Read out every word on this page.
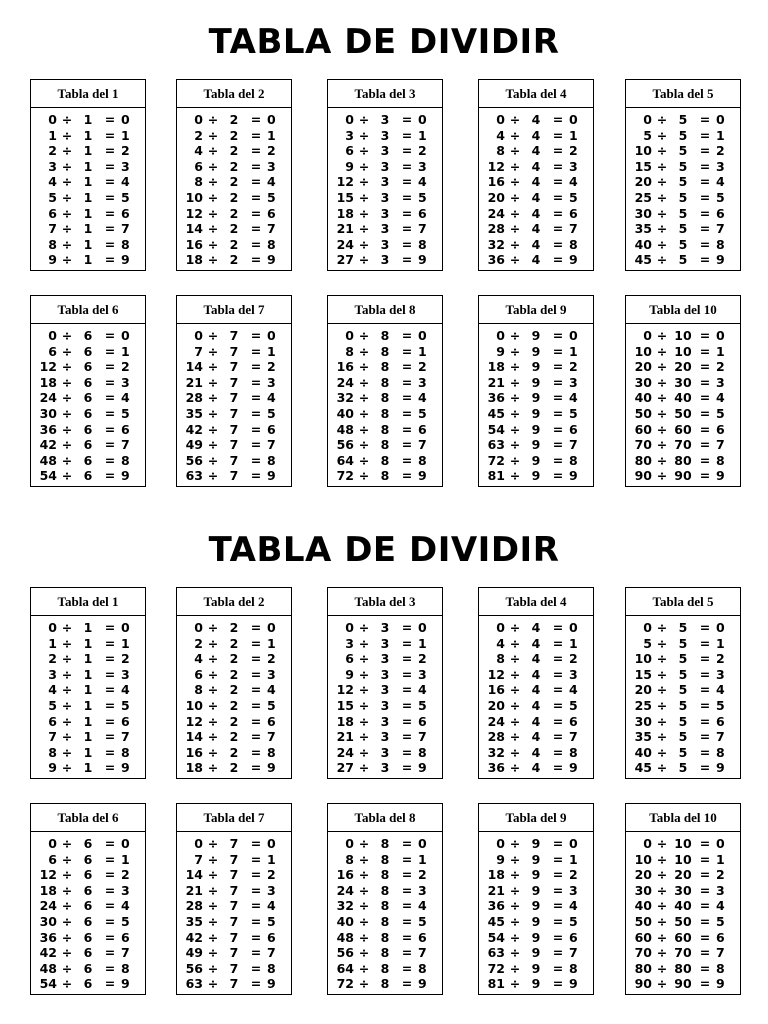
TABLA DE DIVIDIR
Tabla del 1
0 ÷ 1 = 0
1 ÷ 1 = 1
2 ÷ 1 = 2
3 ÷ 1 = 3
4 ÷ 1 = 4
5 ÷ 1 = 5
6 ÷ 1 = 6
7 ÷ 1 = 7
8 ÷ 1 = 8
9 ÷ 1 = 9
Tabla del 2
0 ÷ 2 = 0
2 ÷ 2 = 1
4 ÷ 2 = 2
6 ÷ 2 = 3
8 ÷ 2 = 4
10 ÷ 2 = 5
12 ÷ 2 = 6
14 ÷ 2 = 7
16 ÷ 2 = 8
18 ÷ 2 = 9
Tabla del 3
0 ÷ 3 = 0
3 ÷ 3 = 1
6 ÷ 3 = 2
9 ÷ 3 = 3
12 ÷ 3 = 4
15 ÷ 3 = 5
18 ÷ 3 = 6
21 ÷ 3 = 7
24 ÷ 3 = 8
27 ÷ 3 = 9
Tabla del 4
0 ÷ 4 = 0
4 ÷ 4 = 1
8 ÷ 4 = 2
12 ÷ 4 = 3
16 ÷ 4 = 4
20 ÷ 4 = 5
24 ÷ 4 = 6
28 ÷ 4 = 7
32 ÷ 4 = 8
36 ÷ 4 = 9
Tabla del 5
0 ÷ 5 = 0
5 ÷ 5 = 1
10 ÷ 5 = 2
15 ÷ 5 = 3
20 ÷ 5 = 4
25 ÷ 5 = 5
30 ÷ 5 = 6
35 ÷ 5 = 7
40 ÷ 5 = 8
45 ÷ 5 = 9
Tabla del 6
0 ÷ 6 = 0
6 ÷ 6 = 1
12 ÷ 6 = 2
18 ÷ 6 = 3
24 ÷ 6 = 4
30 ÷ 6 = 5
36 ÷ 6 = 6
42 ÷ 6 = 7
48 ÷ 6 = 8
54 ÷ 6 = 9
Tabla del 7
0 ÷ 7 = 0
7 ÷ 7 = 1
14 ÷ 7 = 2
21 ÷ 7 = 3
28 ÷ 7 = 4
35 ÷ 7 = 5
42 ÷ 7 = 6
49 ÷ 7 = 7
56 ÷ 7 = 8
63 ÷ 7 = 9
Tabla del 8
0 ÷ 8 = 0
8 ÷ 8 = 1
16 ÷ 8 = 2
24 ÷ 8 = 3
32 ÷ 8 = 4
40 ÷ 8 = 5
48 ÷ 8 = 6
56 ÷ 8 = 7
64 ÷ 8 = 8
72 ÷ 8 = 9
Tabla del 9
0 ÷ 9 = 0
9 ÷ 9 = 1
18 ÷ 9 = 2
21 ÷ 9 = 3
36 ÷ 9 = 4
45 ÷ 9 = 5
54 ÷ 9 = 6
63 ÷ 9 = 7
72 ÷ 9 = 8
81 ÷ 9 = 9
Tabla del 10
0 ÷ 10 = 0
10 ÷ 10 = 1
20 ÷ 20 = 2
30 ÷ 30 = 3
40 ÷ 40 = 4
50 ÷ 50 = 5
60 ÷ 60 = 6
70 ÷ 70 = 7
80 ÷ 80 = 8
90 ÷ 90 = 9
TABLA DE DIVIDIR
Tabla del 1
0 ÷ 1 = 0
1 ÷ 1 = 1
2 ÷ 1 = 2
3 ÷ 1 = 3
4 ÷ 1 = 4
5 ÷ 1 = 5
6 ÷ 1 = 6
7 ÷ 1 = 7
8 ÷ 1 = 8
9 ÷ 1 = 9
Tabla del 2
0 ÷ 2 = 0
2 ÷ 2 = 1
4 ÷ 2 = 2
6 ÷ 2 = 3
8 ÷ 2 = 4
10 ÷ 2 = 5
12 ÷ 2 = 6
14 ÷ 2 = 7
16 ÷ 2 = 8
18 ÷ 2 = 9
Tabla del 3
0 ÷ 3 = 0
3 ÷ 3 = 1
6 ÷ 3 = 2
9 ÷ 3 = 3
12 ÷ 3 = 4
15 ÷ 3 = 5
18 ÷ 3 = 6
21 ÷ 3 = 7
24 ÷ 3 = 8
27 ÷ 3 = 9
Tabla del 4
0 ÷ 4 = 0
4 ÷ 4 = 1
8 ÷ 4 = 2
12 ÷ 4 = 3
16 ÷ 4 = 4
20 ÷ 4 = 5
24 ÷ 4 = 6
28 ÷ 4 = 7
32 ÷ 4 = 8
36 ÷ 4 = 9
Tabla del 5
0 ÷ 5 = 0
5 ÷ 5 = 1
10 ÷ 5 = 2
15 ÷ 5 = 3
20 ÷ 5 = 4
25 ÷ 5 = 5
30 ÷ 5 = 6
35 ÷ 5 = 7
40 ÷ 5 = 8
45 ÷ 5 = 9
Tabla del 6
0 ÷ 6 = 0
6 ÷ 6 = 1
12 ÷ 6 = 2
18 ÷ 6 = 3
24 ÷ 6 = 4
30 ÷ 6 = 5
36 ÷ 6 = 6
42 ÷ 6 = 7
48 ÷ 6 = 8
54 ÷ 6 = 9
Tabla del 7
0 ÷ 7 = 0
7 ÷ 7 = 1
14 ÷ 7 = 2
21 ÷ 7 = 3
28 ÷ 7 = 4
35 ÷ 7 = 5
42 ÷ 7 = 6
49 ÷ 7 = 7
56 ÷ 7 = 8
63 ÷ 7 = 9
Tabla del 8
0 ÷ 8 = 0
8 ÷ 8 = 1
16 ÷ 8 = 2
24 ÷ 8 = 3
32 ÷ 8 = 4
40 ÷ 8 = 5
48 ÷ 8 = 6
56 ÷ 8 = 7
64 ÷ 8 = 8
72 ÷ 8 = 9
Tabla del 9
0 ÷ 9 = 0
9 ÷ 9 = 1
18 ÷ 9 = 2
21 ÷ 9 = 3
36 ÷ 9 = 4
45 ÷ 9 = 5
54 ÷ 9 = 6
63 ÷ 9 = 7
72 ÷ 9 = 8
81 ÷ 9 = 9
Tabla del 10
0 ÷ 10 = 0
10 ÷ 10 = 1
20 ÷ 20 = 2
30 ÷ 30 = 3
40 ÷ 40 = 4
50 ÷ 50 = 5
60 ÷ 60 = 6
70 ÷ 70 = 7
80 ÷ 80 = 8
90 ÷ 90 = 9
